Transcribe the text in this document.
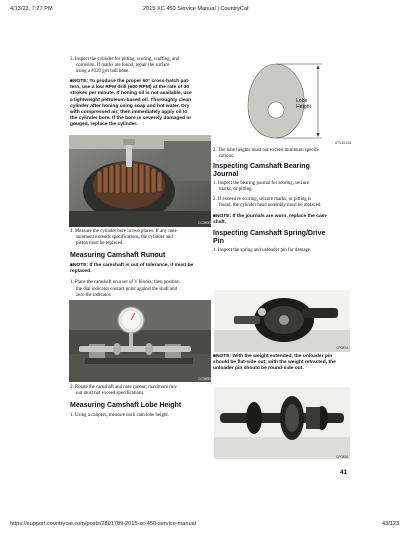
4/13/23, 7:27 PM	2015 XC 450 Service Manual | CountryCat
3. Inspect the cylinder for pitting, scoring, scuffing, and
corrosion. If marks are found, repair the surface
using a #320 grit ball hone.
■NOTE: To produce the proper 60° cross-hatch pat-
tern, use a low RPM drill (600 RPM) at the rate of 30
strokes per minute. If honing oil is not available, use
a lightweight petroleum-based oil. Thoroughly clean
cylinder after honing using soap and hot water. Dry
with compressed air; then immediately apply oil to
the cylinder bore. If the bore is severely damaged or
gouged, replace the cylinder.
CC390D
4. Measure the cylinder bore in two places. If any mea-
surement exceeds specifications, the cylinder and
piston must be replaced.
Measuring Camshaft Runout
■NOTE: If the camshaft is out of tolerance, it must be
replaced.
1. Place the camshaft on a set of V blocks; then position
the dial indicator contact point against the shaft and
zero the indicator.
CC383D
2. Rotate the camshaft and note runout; maximum run-
out must not exceed specifications.
Measuring Camshaft Lobe Height
1. Using a calipers, measure each cam lobe height.
Lobe
Height
ATV1013A
2. The lobe heights must not exceed minimum specifi-
cations.
Inspecting Camshaft Bearing
Journal
1. Inspect the bearing journal for scoring, seizure
marks, or pitting.
2. If excessive scoring, seizure marks, or pitting is
found, the cylinder head assembly must be replaced.
■NOTE: If the journals are worn, replace the cam-
shaft.
Inspecting Camshaft Spring/Drive
Pin
1. Inspect the spring and unloader pin for damage.
CF081A
■NOTE: With the weight extended, the unloader pin
should be flat-side out; with the weight retracted, the
unloader pin should be round-side out.
CF080A
41
https://support.countrycat.com/posts/2801789-2015-xc-450-service-manual	43/123
